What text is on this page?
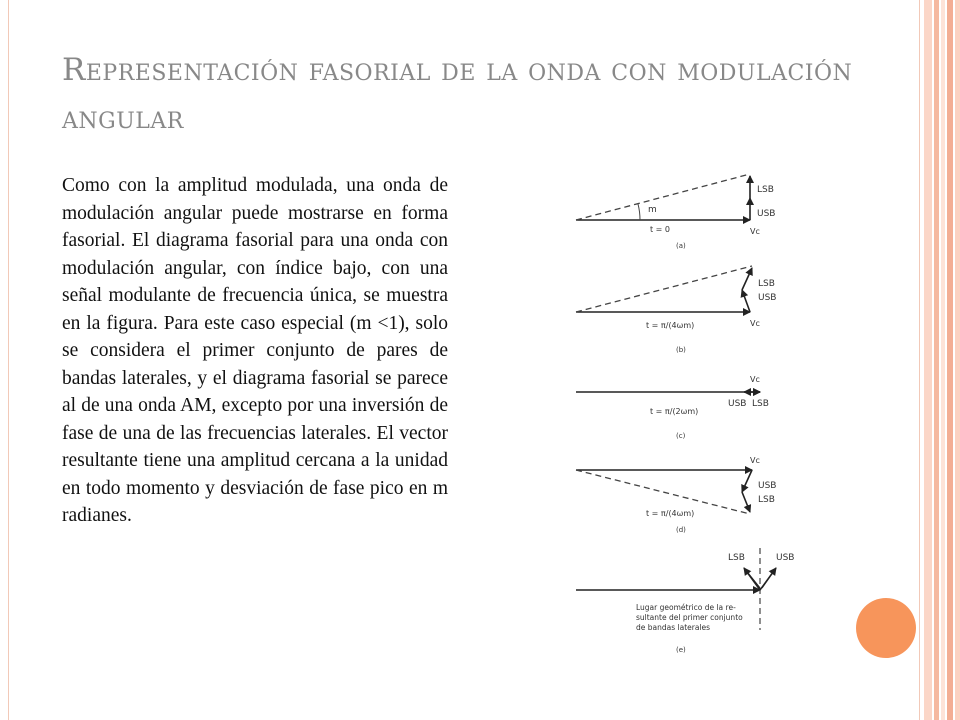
Representación fasorial de la onda con modulación angular

Como con la amplitud modulada, una onda de modulación angular puede mostrarse en forma fasorial. El diagrama fasorial para una onda con modulación angular, con índice bajo, con una señal modulante de frecuencia única, se muestra en la figura. Para este caso especial (m <1), solo se considera el primer conjunto de pares de bandas laterales, y el diagrama fasorial se parece al de una onda AM, excepto por una inversión de fase de una de las frecuencias laterales. El vector resultante tiene una amplitud cercana a la unidad en todo momento y desviación de fase pico en m radianes.

m
LSB
USB
t = 0	Vc
(a)
LSB
USB
t = π/(4ωm)	Vc
(b)
Vc
USB LSB
t = π/(2ωm)
(c)
Vc
USB
LSB
t = π/(4ωm)
(d)
LSB	USB
Lugar geométrico de la re-
sultante del primer conjunto
de bandas laterales
(e)
